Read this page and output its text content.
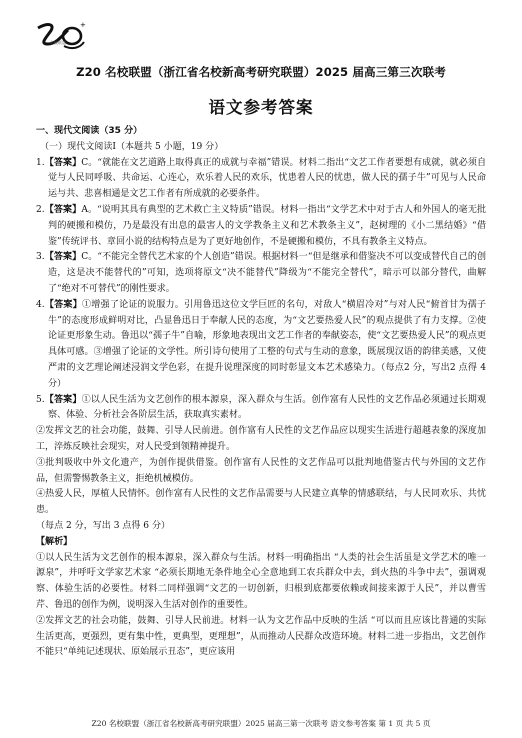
+
名校联盟
Z20 名校联盟（浙江省名校新高考研究联盟）2025 届高三第三次联考
语文参考答案
一、现代文阅读（35 分）
（一）现代文阅读Ⅰ（本题共 5 小题，19 分）

1.【答案】C。“就能在文艺道路上取得真正的成就与幸福”错误。材料二指出“文艺工作者要想有成就，就必须自觉与人民同呼吸、共命运、心连心，欢乐着人民的欢乐，忧患着人民的忧患，做人民的孺子牛”可见与人民命运与共、悲喜相通是文艺工作者有所成就的必要条件。

2.【答案】A。“说明其具有典型的艺术救亡主义特质”错误。材料一指出“文学艺术中对于古人和外国人的毫无批判的硬搬和模仿，乃是最没有出息的最害人的文学教条主义和艺术教条主义”，赵树理的《小二黑结婚》“借鉴”传统评书、章回小说的结构特点是为了更好地创作，不是硬搬和模仿，不具有教条主义特点。

3.【答案】C。“不能完全替代艺术家的个人创造”错误。根据材料一“但是继承和借鉴决不可以变成替代自己的创造，这是决不能替代的”可知，选项将原文“决不能替代”降级为“不能完全替代”，暗示可以部分替代，曲解了“绝对不可替代”的刚性要求。

4.【答案】①增强了论证的说服力。引用鲁迅这位文学巨匠的名句，对敌人“横眉冷对”与对人民“俯首甘为孺子牛”的态度形成鲜明对比，凸显鲁迅日于奉献人民的态度，为“文艺要热爱人民”的观点提供了有力支撑。②使论证更形象生动。鲁迅以“孺子牛”自喻，形象地表现出文艺工作者的奉献姿态，使“文艺要热爱人民”的观点更具体可感。③增强了论证的文学性。所引诗句使用了工整的句式与生动的意象，既展现汉语的韵律美感，又使严肃的文艺理论阐述浸润文学色彩，在提升说理深度的同时彰显文本艺术感染力。（每点2 分，写出2 点得 4 分）

5.【答案】①以人民生活为文艺创作的根本源泉，深入群众与生活。创作富有人民性的文艺作品必须通过长期观察、体验、分析社会各阶层生活，获取真实素材。

②发挥文艺的社会功能，鼓舞、引导人民前进。创作富有人民性的文艺作品应以现实生活进行超越表象的深度加工，淬炼反映社会现实，对人民受到领精神提升。

③批判吸收中外文化遗产，为创作提供借鉴。创作富有人民性的文艺作品可以批判地借鉴古代与外国的文艺作品，但需警惕教条主义，拒绝机械模仿。

④热爱人民，厚植人民情怀。创作富有人民性的文艺作品需要与人民建立真挚的情感联结，与人民同欢乐、共忧患。

（每点 2 分，写出 3 点得 6 分）

【解析】

①以人民生活为文艺创作的根本源泉，深入群众与生活。材料一明确指出 “人类的社会生活虽是文学艺术的唯一源泉”，并呼吁文学家艺术家 “必须长期地无条件地全心全意地到工农兵群众中去，到火热的斗争中去”，强调观察、体验生活的必要性。材料二同样强调“文艺的一切创新，归根到底都要依赖或间接来源于人民”，并以曹雪芹、鲁迅的创作为例，说明深入生活对创作的重要性。

②发挥文艺的社会功能，鼓舞、引导人民前进。材料一认为文艺作品中反映的生活 “可以而且应该比普通的实际生活更高，更强烈，更有集中性，更典型，更理想”，从而推动人民群众改造环境。材料二进一步指出，文艺创作不能只“单纯记述现状、原始展示丑态”，更应该用

Z20 名校联盟（浙江省名校新高考研究联盟）2025 届高三第一次联考 语文参考答案 第 1 页 共 5 页
